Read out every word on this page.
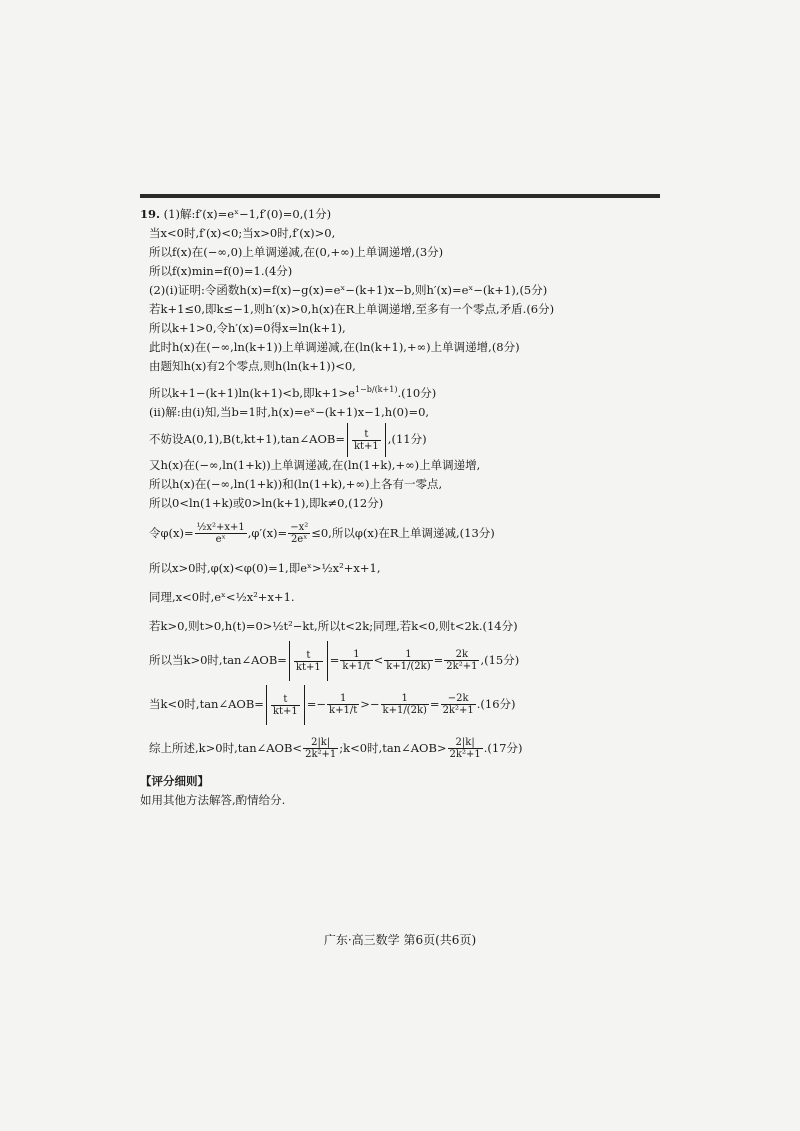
19. (1)解:f′(x)=eˣ−1,f′(0)=0,(1分)
当x<0时,f′(x)<0;当x>0时,f′(x)>0,
所以f(x)在(−∞,0)上单调递减,在(0,+∞)上单调递增,(3分)
所以f(x)min=f(0)=1.(4分)
(2)(i)证明:令函数h(x)=f(x)−g(x)=eˣ−(k+1)x−b,则h′(x)=eˣ−(k+1),(5分)
若k+1≤0,即k≤−1,则h′(x)>0,h(x)在R上单调递增,至多有一个零点,矛盾.(6分)
所以k+1>0,令h′(x)=0得x=ln(k+1),
此时h(x)在(−∞,ln(k+1))上单调递减,在(ln(k+1),+∞)上单调递增,(8分)
由题知h(x)有2个零点,则h(ln(k+1))<0,
所以k+1−(k+1)ln(k+1)<b,即$k+1>e^{1-b/(k+1)}.(10$分)
(ii)解:由(i)知,当b=1时,h(x)=eˣ−(k+1)x−1,h(0)=0,
不妨设A(0,1),B(t,kt+1),tan∠AOB= $\frac{t}{kt+1} ,(11$分)
又h(x)在(−∞,ln(1+k))上单调递减,在(ln(1+k),+∞)上单调递增,
所以h(x)在(−∞,ln(1+k))和(ln(1+k),+∞)上各有一零点,
所以0<ln(1+k)或0>ln(k+1),即k≠0,(12分)
令$\varphi(x)= \frac{\text{½x²+x+1}}{\text{eˣ}} ,\varphi'(x)= \frac{\text{−x²}}{\text{2eˣ}} \le 0$,所以φ(x)在R上单调递减,(13分)
所以x>0时,φ(x)<φ(0)=1,即eˣ>½x²+x+1,
同理,x<0时,eˣ<½x²+x+1.
若k>0,则t>0,h(t)=0>½t²−kt,所以t<2k;同理,若k<0,则t<2k.(14分)
所以当k>0时,tan∠AOB= $\frac{t}{kt+1} = \frac{1}{k+1/t} < \frac{1}{k+1/(2k)} = \frac{2k}{\text{2k²+1}} ,(15$分)
当k<0时,tan∠AOB= $\frac{t}{kt+1} =- \frac{1}{k+1/t} >- \frac{1}{k+1/(2k)} = \frac{-2k}{\text{2k²+1}} .(16$分)
综上所述,k>0时,tan∠AOB< $\frac{2|k|}{\text{2k²+1}}$ ;k<0时,tan∠AOB> $\frac{2|k|}{\text{2k²+1}} .(17$分)
【评分细则】
如用其他方法解答,酌情给分.
广东·高三数学 第6页(共6页)
